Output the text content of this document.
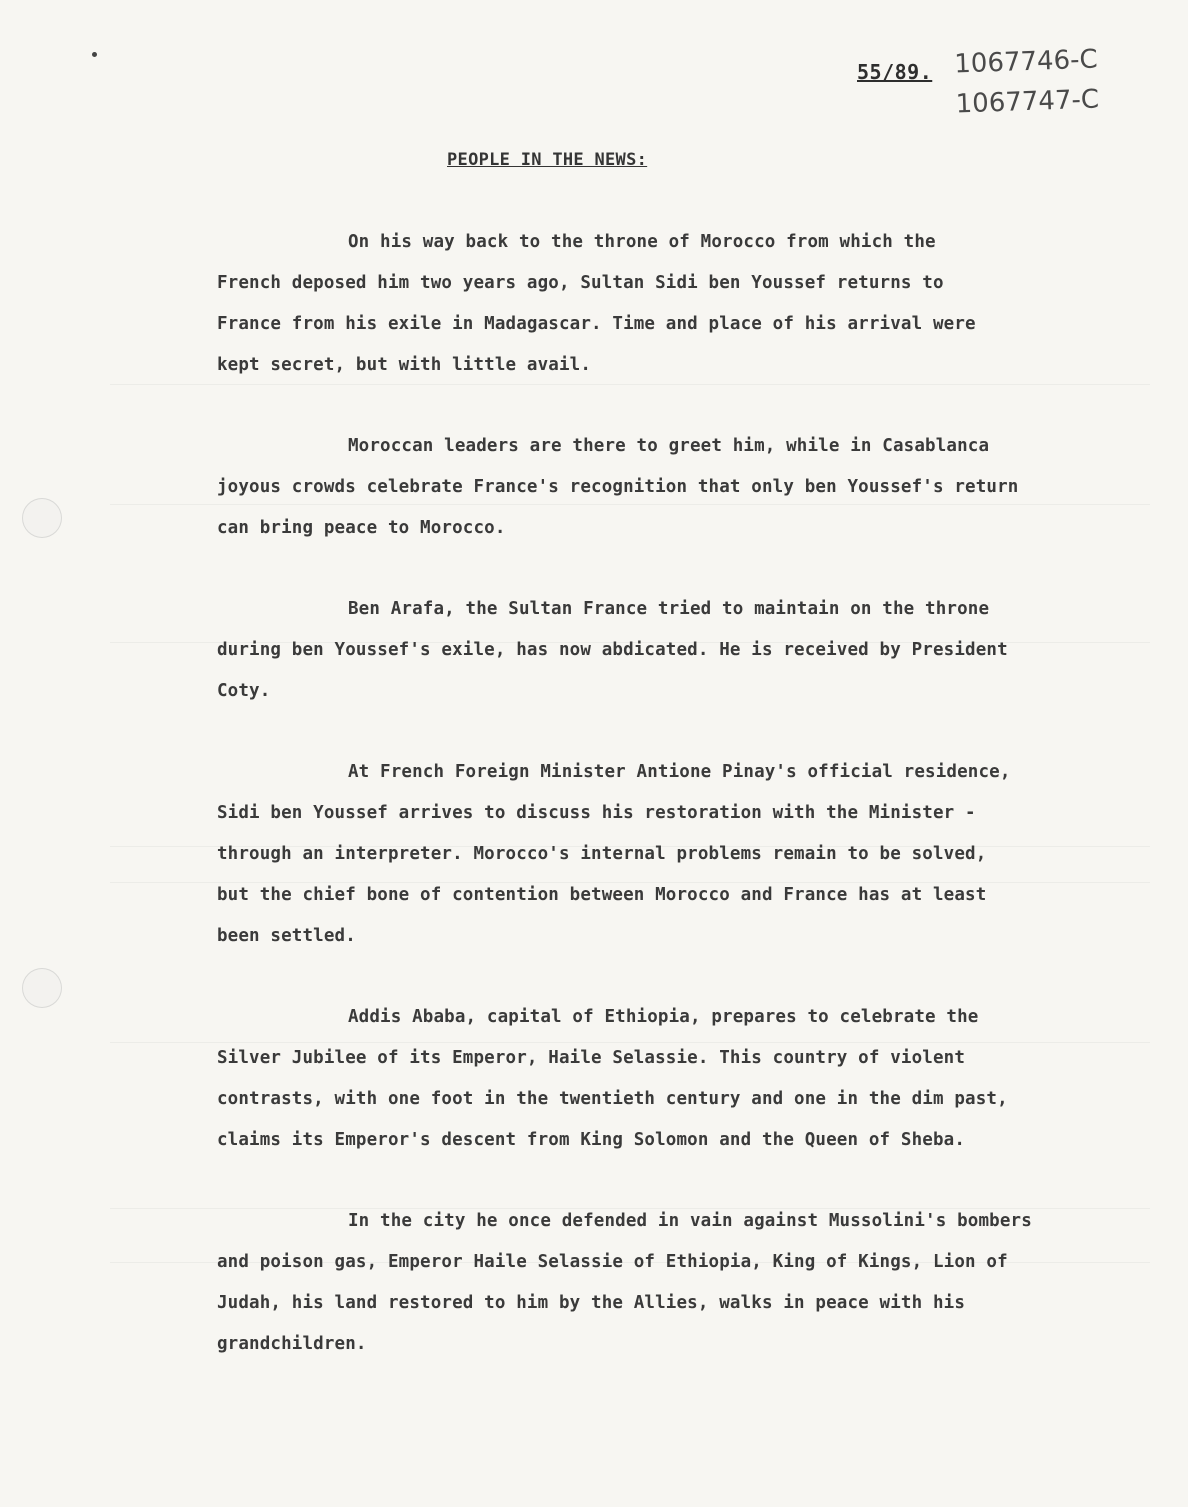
55/89. 1067746-C
1067747-C
PEOPLE IN THE NEWS:

On his way back to the throne of Morocco from which the
French deposed him two years ago, Sultan Sidi ben Youssef returns to
France from his exile in Madagascar. Time and place of his arrival were
kept secret, but with little avail.

Moroccan leaders are there to greet him, while in Casablanca
joyous crowds celebrate France's recognition that only ben Youssef's return
can bring peace to Morocco.

Ben Arafa, the Sultan France tried to maintain on the throne
during ben Youssef's exile, has now abdicated. He is received by President
Coty.

At French Foreign Minister Antione Pinay's official residence,
Sidi ben Youssef arrives to discuss his restoration with the Minister -
through an interpreter. Morocco's internal problems remain to be solved,
but the chief bone of contention between Morocco and France has at least
been settled.

Addis Ababa, capital of Ethiopia, prepares to celebrate the
Silver Jubilee of its Emperor, Haile Selassie. This country of violent
contrasts, with one foot in the twentieth century and one in the dim past,
claims its Emperor's descent from King Solomon and the Queen of Sheba.

In the city he once defended in vain against Mussolini's bombers
and poison gas, Emperor Haile Selassie of Ethiopia, King of Kings, Lion of
Judah, his land restored to him by the Allies, walks in peace with his
grandchildren.
